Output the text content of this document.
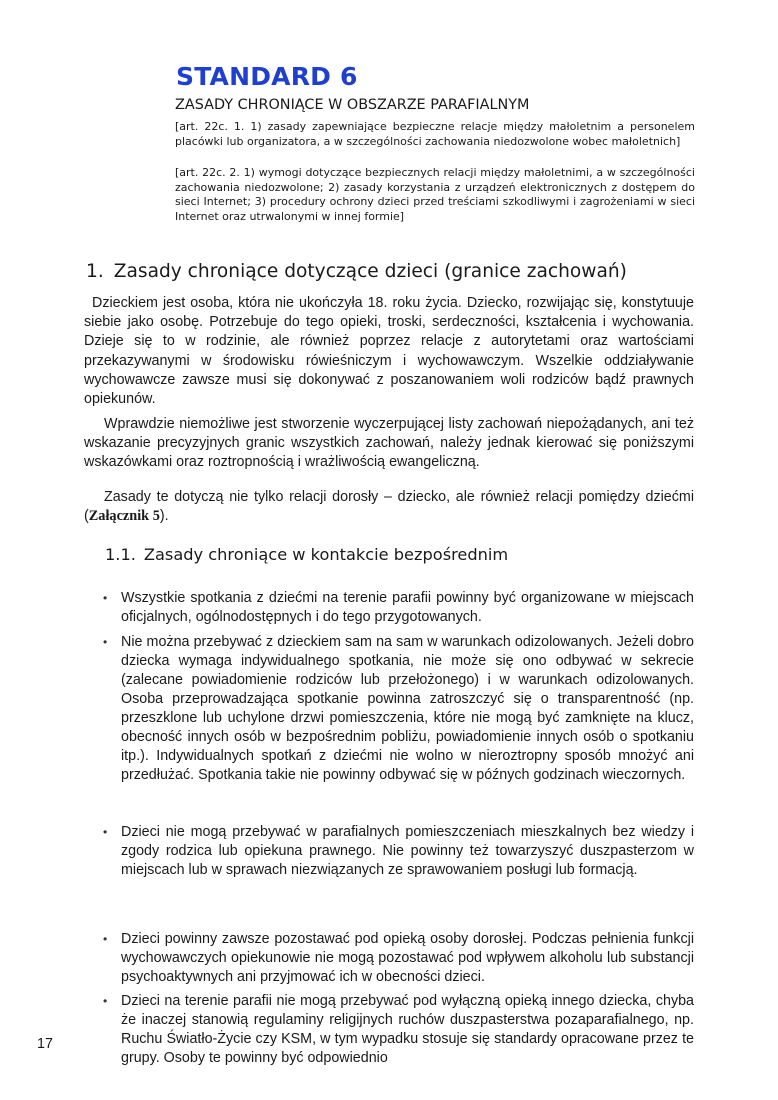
STANDARD 6
ZASADY CHRONIĄCE W OBSZARZE PARAFIALNYM
[art. 22c. 1. 1) zasady zapewniające bezpieczne relacje między małoletnim a personelem placówki lub organizatora, a w szczególności zachowania niedozwolone wobec małoletnich]
[art. 22c. 2. 1) wymogi dotyczące bezpiecznych relacji między małoletnimi, a w szczególności zachowania niedozwolone; 2) zasady korzystania z urządzeń elektronicznych z dostępem do sieci Internet; 3) procedury ochrony dzieci przed treściami szkodliwymi i zagrożeniami w sieci Internet oraz utrwalonymi w innej formie]
1. Zasady chroniące dotyczące dzieci (granice zachowań)
Dzieckiem jest osoba, która nie ukończyła 18. roku życia. Dziecko, rozwijając się, konstytuuje siebie jako osobę. Potrzebuje do tego opieki, troski, serdeczności, kształcenia i wychowania. Dzieje się to w rodzinie, ale również poprzez relacje z autorytetami oraz wartościami przekazywanymi w środowisku rówieśniczym i wychowawczym. Wszelkie oddziaływanie wychowawcze zawsze musi się dokonywać z poszanowaniem woli rodziców bądź prawnych opiekunów.
Wprawdzie niemożliwe jest stworzenie wyczerpującej listy zachowań niepożądanych, ani też wskazanie precyzyjnych granic wszystkich zachowań, należy jednak kierować się poniższymi wskazówkami oraz roztropnością i wrażliwością ewangeliczną.
Zasady te dotyczą nie tylko relacji dorosły – dziecko, ale również relacji pomiędzy dziećmi (Załącznik 5).
1.1. Zasady chroniące w kontakcie bezpośrednim
• Wszystkie spotkania z dziećmi na terenie parafii powinny być organizowane w miejscach oficjalnych, ogólnodostępnych i do tego przygotowanych.
• Nie można przebywać z dzieckiem sam na sam w warunkach odizolowanych. Jeżeli dobro dziecka wymaga indywidualnego spotkania, nie może się ono odbywać w sekrecie (zalecane powiadomienie rodziców lub przełożonego) i w warunkach odizolowanych. Osoba przeprowadzająca spotkanie powinna zatroszczyć się o transparentność (np. przeszklone lub uchylone drzwi pomieszczenia, które nie mogą być zamknięte na klucz, obecność innych osób w bezpośrednim pobliżu, powiadomienie innych osób o spotkaniu itp.). Indywidualnych spotkań z dziećmi nie wolno w nieroztropny sposób mnożyć ani przedłużać. Spotkania takie nie powinny odbywać się w późnych godzinach wieczornych.
• Dzieci nie mogą przebywać w parafialnych pomieszczeniach mieszkalnych bez wiedzy i zgody rodzica lub opiekuna prawnego. Nie powinny też towarzyszyć duszpasterzom w miejscach lub w sprawach niezwiązanych ze sprawowaniem posługi lub formacją.
• Dzieci powinny zawsze pozostawać pod opieką osoby dorosłej. Podczas pełnienia funkcji wychowawczych opiekunowie nie mogą pozostawać pod wpływem alkoholu lub substancji psychoaktywnych ani przyjmować ich w obecności dzieci.
• Dzieci na terenie parafii nie mogą przebywać pod wyłączną opieką innego dziecka, chyba że inaczej stanowią regulaminy religijnych ruchów duszpasterstwa pozaparafialnego, np. Ruchu Światło-Życie czy KSM, w tym wypadku stosuje się standardy opracowane przez te grupy. Osoby te powinny być odpowiednio
17
